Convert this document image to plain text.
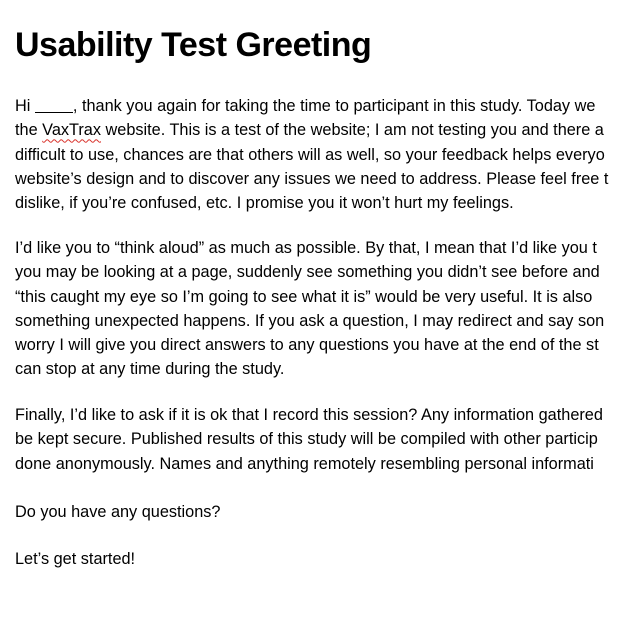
Usability Test Greeting
Hi , thank you again for taking the time to participant in this study. Today we
the VaxTrax website. This is a test of the website; I am not testing you and there a
difficult to use, chances are that others will as well, so your feedback helps everyo
website’s design and to discover any issues we need to address. Please feel free t
dislike, if you’re confused, etc. I promise you it won’t hurt my feelings.
I’d like you to “think aloud” as much as possible. By that, I mean that I’d like you t
you may be looking at a page, suddenly see something you didn’t see before and
“this caught my eye so I’m going to see what it is” would be very useful. It is also
something unexpected happens. If you ask a question, I may redirect and say son
worry I will give you direct answers to any questions you have at the end of the st
can stop at any time during the study.
Finally, I’d like to ask if it is ok that I record this session? Any information gathered
be kept secure. Published results of this study will be compiled with other particip
done anonymously. Names and anything remotely resembling personal informati
Do you have any questions?
Let’s get started!
